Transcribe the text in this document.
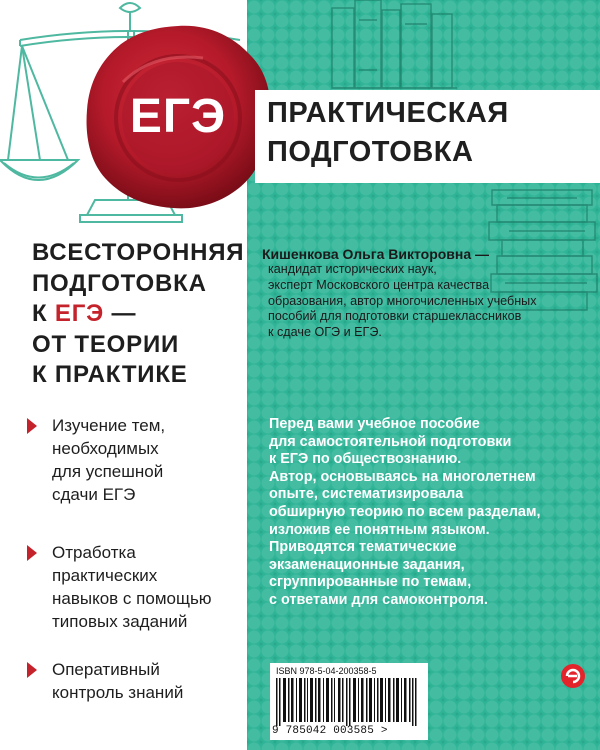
ЕГЭ	ПРАКТИЧЕСКАЯ
ПОДГОТОВКА
ВСЕСТОРОННЯЯ
ПОДГОТОВКА
К ЕГЭ —
ОТ ТЕОРИИ
К ПРАКТИКЕ
Изучение тем,
необходимых
для успешной
сдачи ЕГЭ
Отработка
практических
навыков с помощью
типовых заданий
Оперативный
контроль знаний
Кишенкова Ольга Викторовна —
кандидат исторических наук,
эксперт Московского центра качества
образования, автор многочисленных учебных
пособий для подготовки старшеклассников
к сдаче ОГЭ и ЕГЭ.
Перед вами учебное пособие
для самостоятельной подготовки
к ЕГЭ по обществознанию.
Автор, основываясь на многолетнем
опыте, систематизировала
обширную теорию по всем разделам,
изложив ее понятным языком.
Приводятся тематические
экзаменационные задания,
сгруппированные по темам,
с ответами для самоконтроля.
ISBN 978-5-04-200358-5
9 785042 003585 >
